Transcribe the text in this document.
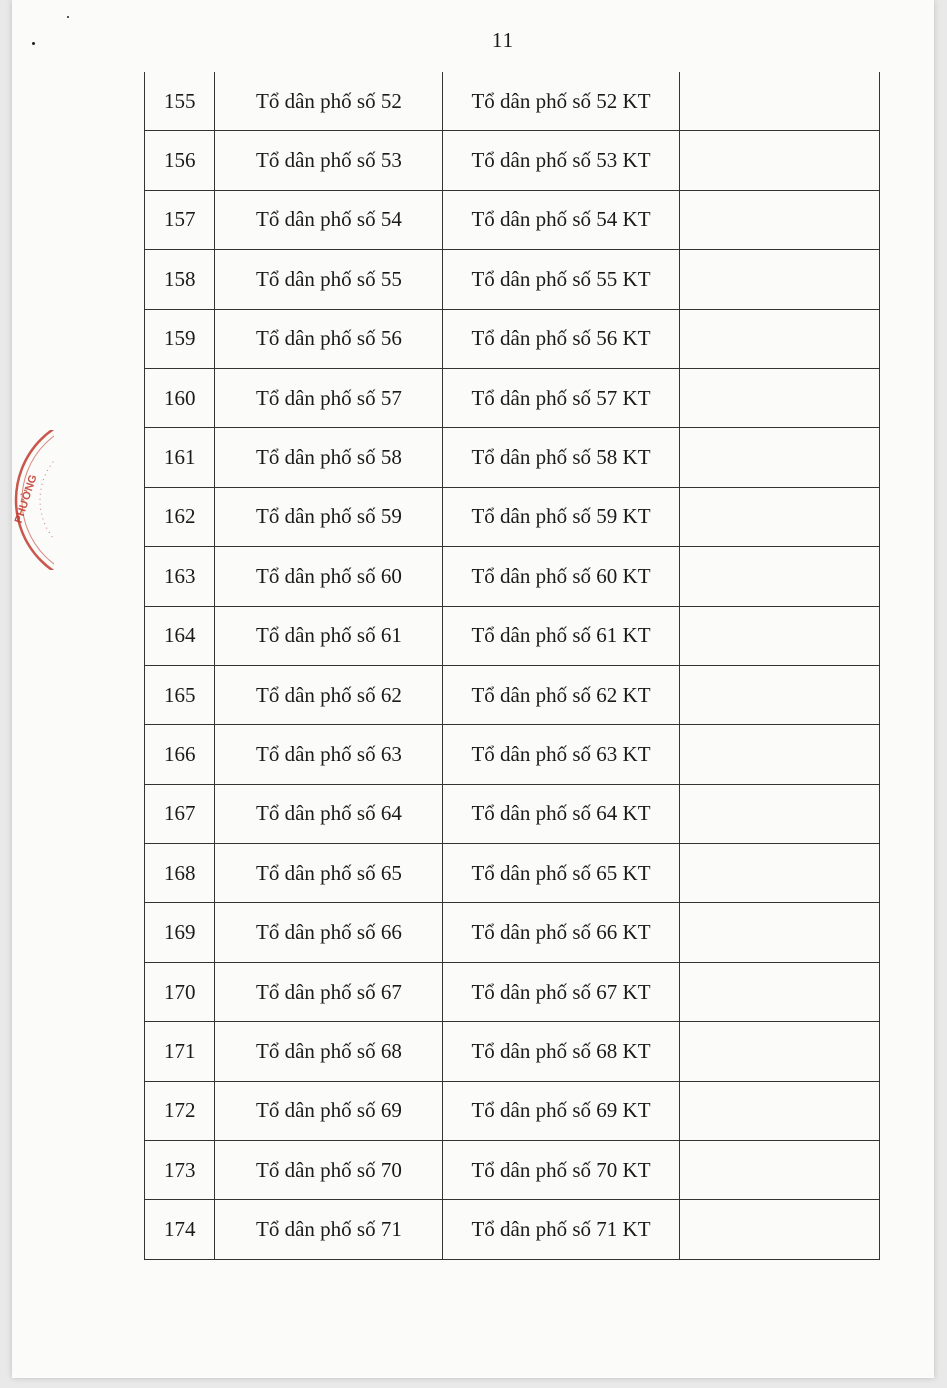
11
PHƯỜNG
155	Tổ dân phố số 52	Tổ dân phố số 52 KT	
156	Tổ dân phố số 53	Tổ dân phố số 53 KT	
157	Tổ dân phố số 54	Tổ dân phố số 54 KT	
158	Tổ dân phố số 55	Tổ dân phố số 55 KT	
159	Tổ dân phố số 56	Tổ dân phố số 56 KT	
160	Tổ dân phố số 57	Tổ dân phố số 57 KT	
161	Tổ dân phố số 58	Tổ dân phố số 58 KT	
162	Tổ dân phố số 59	Tổ dân phố số 59 KT	
163	Tổ dân phố số 60	Tổ dân phố số 60 KT	
164	Tổ dân phố số 61	Tổ dân phố số 61 KT	
165	Tổ dân phố số 62	Tổ dân phố số 62 KT	
166	Tổ dân phố số 63	Tổ dân phố số 63 KT	
167	Tổ dân phố số 64	Tổ dân phố số 64 KT	
168	Tổ dân phố số 65	Tổ dân phố số 65 KT	
169	Tổ dân phố số 66	Tổ dân phố số 66 KT	
170	Tổ dân phố số 67	Tổ dân phố số 67 KT	
171	Tổ dân phố số 68	Tổ dân phố số 68 KT	
172	Tổ dân phố số 69	Tổ dân phố số 69 KT	
173	Tổ dân phố số 70	Tổ dân phố số 70 KT	
174	Tổ dân phố số 71	Tổ dân phố số 71 KT	
